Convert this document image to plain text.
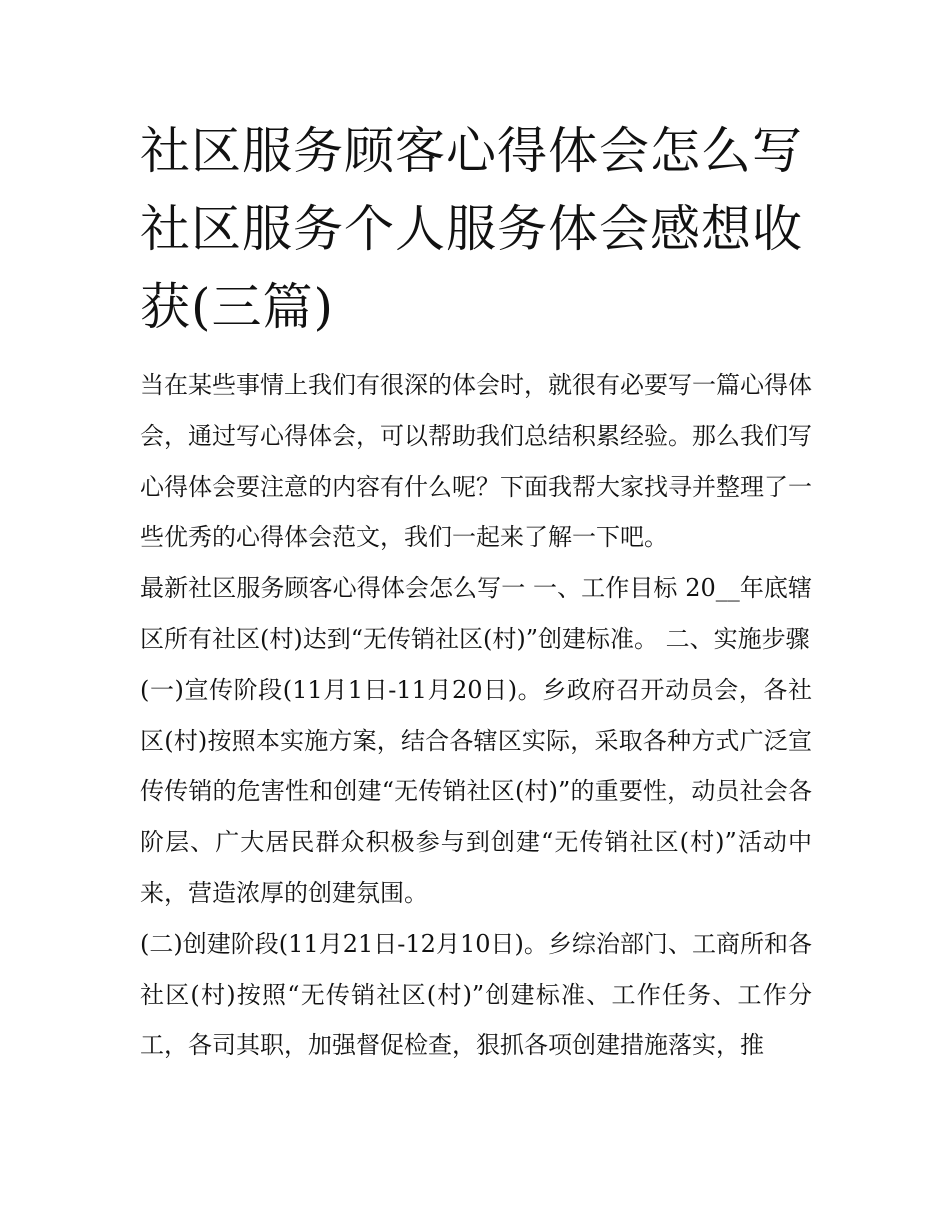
社区服务顾客心得体会怎么写社区服务个人服务体会感想收获(三篇)

当在某些事情上我们有很深的体会时，就很有必要写一篇心得体会，通过写心得体会，可以帮助我们总结积累经验。那么我们写心得体会要注意的内容有什么呢？下面我帮大家找寻并整理了一些优秀的心得体会范文，我们一起来了解一下吧。

最新社区服务顾客心得体会怎么写一 一、工作目标 20__年底辖区所有社区(村)达到“无传销社区(村)”创建标准。 二、实施步骤

(一)宣传阶段(11月1日-11月20日)。乡政府召开动员会，各社区(村)按照本实施方案，结合各辖区实际，采取各种方式广泛宣传传销的危害性和创建“无传销社区(村)”的重要性，动员社会各阶层、广大居民群众积极参与到创建“无传销社区(村)”活动中来，营造浓厚的创建氛围。

(二)创建阶段(11月21日-12月10日)。乡综治部门、工商所和各社区(村)按照“无传销社区(村)”创建标准、工作任务、工作分工，各司其职，加强督促检查，狠抓各项创建措施落实，推
